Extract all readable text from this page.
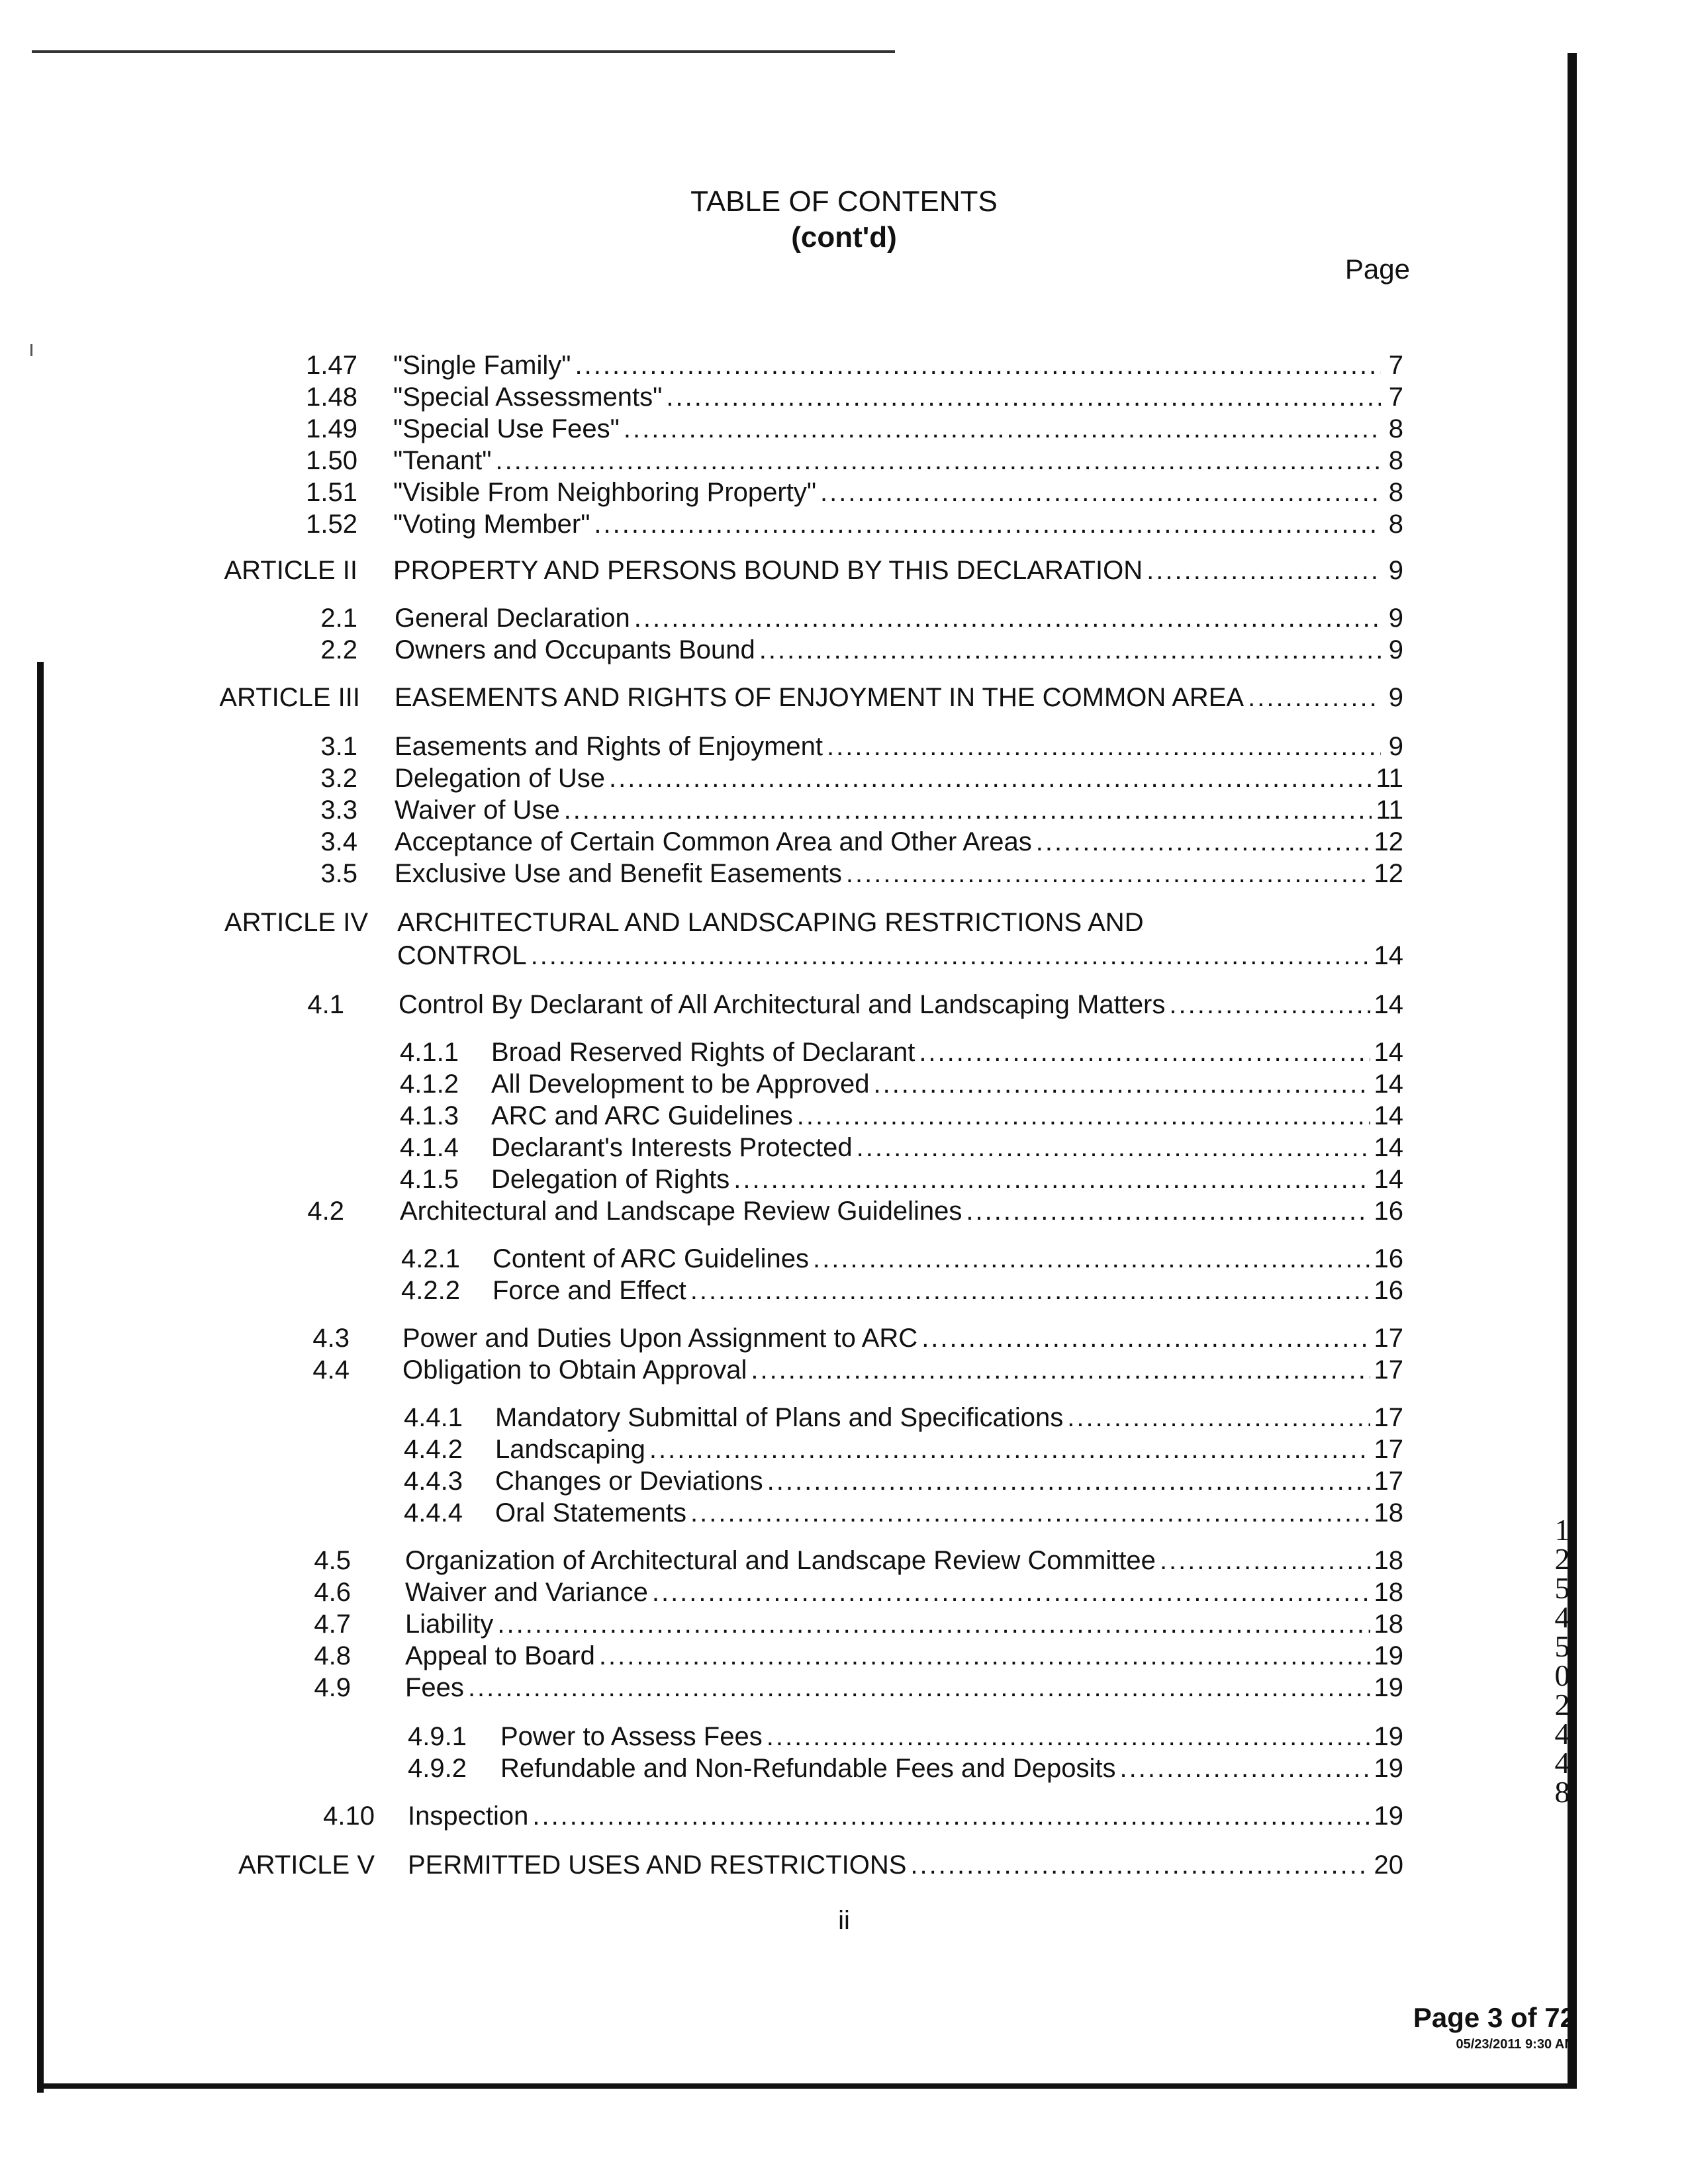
TABLE OF CONTENTS
(cont'd)
Page
1.47 "Single Family" .....	7
1.48 "Special Assessments" .....	7
1.49 "Special Use Fees" .....	8
1.50 "Tenant" .....	8
1.51 "Visible From Neighboring Property" .....	8
1.52 "Voting Member" .....	8
ARTICLE II PROPERTY AND PERSONS BOUND BY THIS DECLARATION .....	9
2.1 General Declaration .....	9
2.2 Owners and Occupants Bound .....	9
ARTICLE III EASEMENTS AND RIGHTS OF ENJOYMENT IN THE COMMON AREA .....	9
3.1 Easements and Rights of Enjoyment .....	9
3.2 Delegation of Use .....	11
3.3 Waiver of Use .....	11
3.4 Acceptance of Certain Common Area and Other Areas .....	12
3.5 Exclusive Use and Benefit Easements .....	12
ARTICLE IV ARCHITECTURAL AND LANDSCAPING RESTRICTIONS AND
CONTROL .....	14
4.1 Control By Declarant of All Architectural and Landscaping Matters .....	14
4.1.1 Broad Reserved Rights of Declarant .....	14
4.1.2 All Development to be Approved .....	14
4.1.3 ARC and ARC Guidelines .....	14
4.1.4 Declarant's Interests Protected .....	14
4.1.5 Delegation of Rights .....	14
4.2 Architectural and Landscape Review Guidelines .....	16
4.2.1 Content of ARC Guidelines .....	16
4.2.2 Force and Effect .....	16
4.3 Power and Duties Upon Assignment to ARC .....	17
4.4 Obligation to Obtain Approval .....	17
4.4.1 Mandatory Submittal of Plans and Specifications .....	17
4.4.2 Landscaping .....	17
4.4.3 Changes or Deviations .....	17
4.4.4 Oral Statements .....	18
4.5 Organization of Architectural and Landscape Review Committee .....	18
4.6 Waiver and Variance .....	18
4.7 Liability .....	18
4.8 Appeal to Board .....	19
4.9 Fees .....	19
4.9.1 Power to Assess Fees .....	19
4.9.2 Refundable and Non-Refundable Fees and Deposits .....	19
4.10 Inspection .....	19
ARTICLE V PERMITTED USES AND RESTRICTIONS .....	20
ii
Page 3 of 72
05/23/2011 9:30 AM
1
2
5
4
5
0
2
4
4
8
